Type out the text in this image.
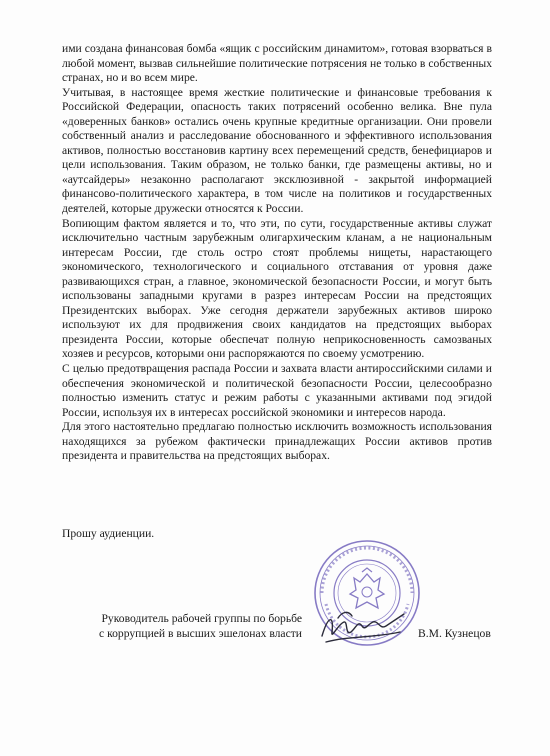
ими создана финансовая бомба «ящик с российским динамитом», готовая взорваться в любой момент, вызвав сильнейшие политические потрясения не только в собственных странах, но и во всем мире.

Учитывая, в настоящее время жесткие политические и финансовые требования к Российской Федерации, опасность таких потрясений особенно велика. Вне пула «доверенных банков» остались очень крупные кредитные организации. Они провели собственный анализ и расследование обоснованного и эффективного использования активов, полностью восстановив картину всех перемещений средств, бенефициаров и цели использования. Таким образом, не только банки, где размещены активы, но и «аутсайдеры» незаконно располагают эксклюзивной - закрытой информацией финансово-политического характера, в том числе на политиков и государственных деятелей, которые дружески относятся к России.

Вопиющим фактом является и то, что эти, по сути, государственные активы служат исключительно частным зарубежным олигархическим кланам, а не национальным интересам России, где столь остро стоят проблемы нищеты, нарастающего экономического, технологического и социального отставания от уровня даже развивающихся стран, а главное, экономической безопасности России, и могут быть использованы западными кругами в разрез интересам России на предстоящих Президентских выборах. Уже сегодня держатели зарубежных активов широко используют их для продвижения своих кандидатов на предстоящих выборах президента России, которые обеспечат полную неприкосновенность самозваных хозяев и ресурсов, которыми они распоряжаются по своему усмотрению.

С целью предотвращения распада России и захвата власти антироссийскими силами и обеспечения экономической и политической безопасности России, целесообразно полностью изменить статус и режим работы с указанными активами под эгидой России, используя их в интересах российской экономики и интересов народа.

Для этого настоятельно предлагаю полностью исключить возможность использования находящихся за рубежом фактически принадлежащих России активов против президента и правительства на предстоящих выборах.

Прошу аудиенции.
Руководитель рабочей группы по борьбе
с коррупцией в высших эшелонах власти	В.М. Кузнецов
